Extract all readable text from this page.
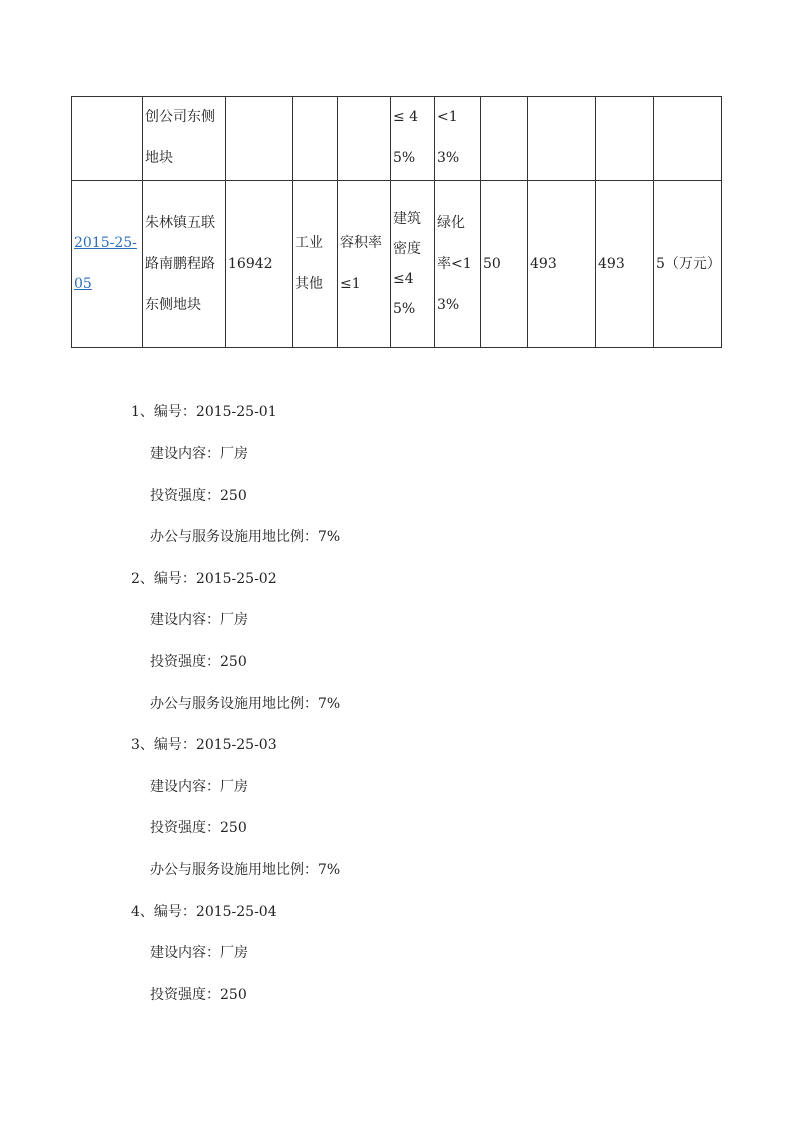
	创公司东侧地块				≤ 45%	<13%				
2015-25-05	朱林镇五联路南鹏程路东侧地块	16942	工业其他	容积率≤1	建筑密度≤45%	绿化率<13%	50	493	493	5（万元）
1、编号：2015-25-01
建设内容：厂房
投资强度：250
办公与服务设施用地比例：7%
2、编号：2015-25-02
建设内容：厂房
投资强度：250
办公与服务设施用地比例：7%
3、编号：2015-25-03
建设内容：厂房
投资强度：250
办公与服务设施用地比例：7%
4、编号：2015-25-04
建设内容：厂房
投资强度：250
